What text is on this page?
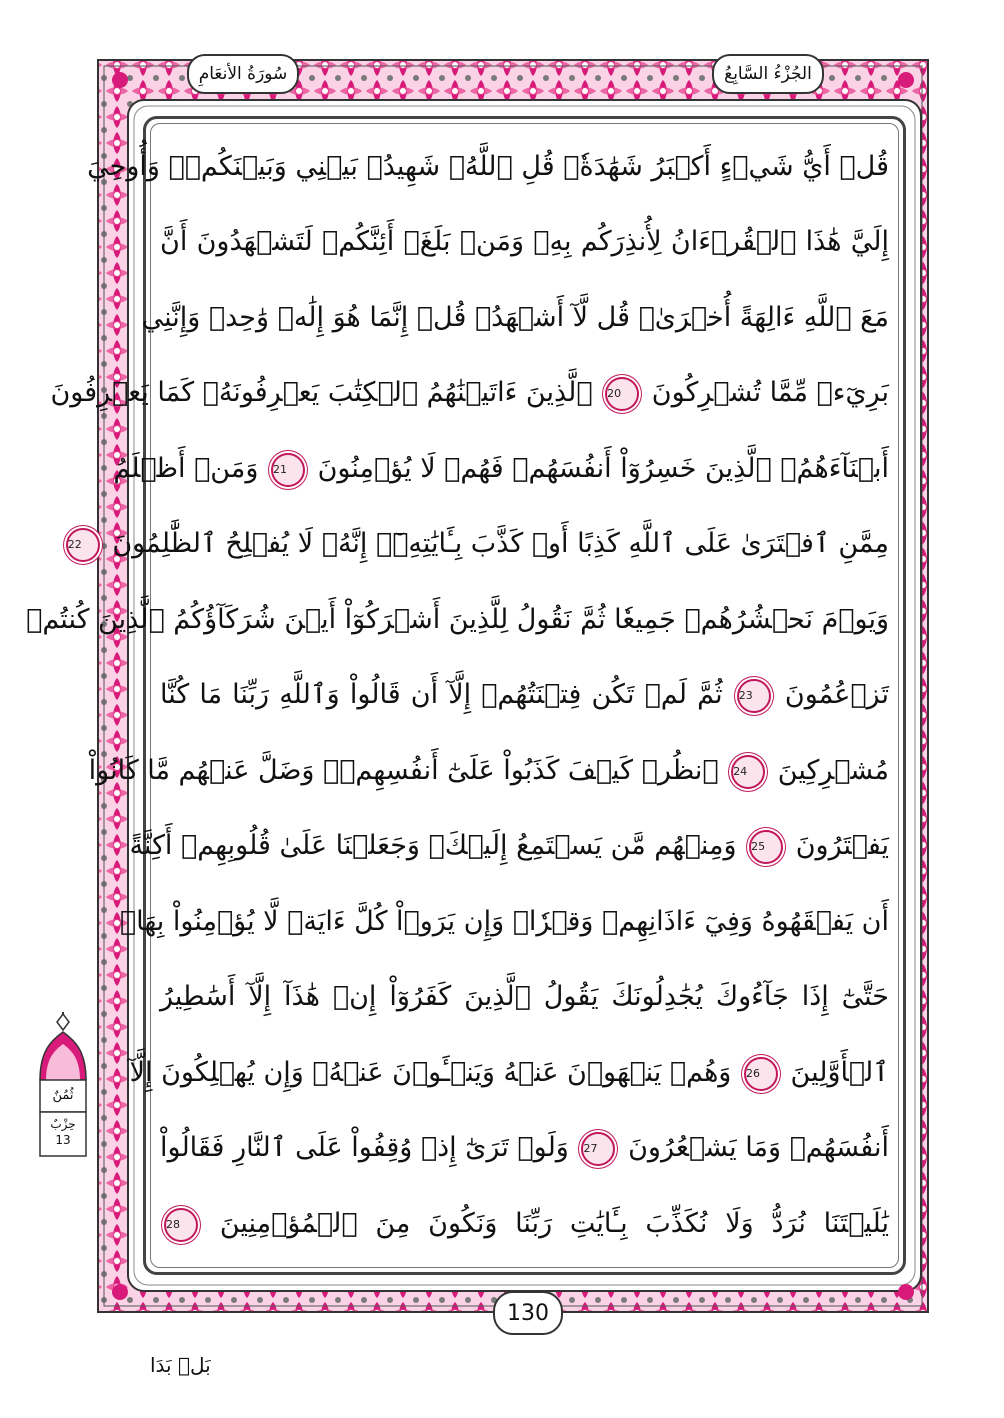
سُورَةُ الأنعَامِ	الجُزْءُ السَّابِعُ
قُلۡ أَيُّ شَيۡءٍ أَكۡبَرُ شَهَٰدَةٗۖ قُلِ ٱللَّهُۖ شَهِيدُۢ بَيۡنِي وَبَيۡنَكُمۡۚ وَأُوحِيَ
إِلَيَّ هَٰذَا ٱلۡقُرۡءَانُ لِأُنذِرَكُم بِهِۦ وَمَنۢ بَلَغَۚ أَئِنَّكُمۡ لَتَشۡهَدُونَ أَنَّ
مَعَ ٱللَّهِ ءَالِهَةً أُخۡرَىٰۚ قُل لَّآ أَشۡهَدُۚ قُلۡ إِنَّمَا هُوَ إِلَٰهٞ وَٰحِدٞ وَإِنَّنِي
بَرِيٓءٞ مِّمَّا تُشۡرِكُونَ 20 ٱلَّذِينَ ءَاتَيۡنَٰهُمُ ٱلۡكِتَٰبَ يَعۡرِفُونَهُۥ كَمَا يَعۡرِفُونَ
أَبۡنَآءَهُمُۘ ٱلَّذِينَ خَسِرُوٓاْ أَنفُسَهُمۡ فَهُمۡ لَا يُؤۡمِنُونَ 21 وَمَنۡ أَظۡلَمُ
مِمَّنِ ٱفۡتَرَىٰ عَلَى ٱللَّهِ كَذِبًا أَوۡ كَذَّبَ بِـَٔايَٰتِهِۦٓۚ إِنَّهُۥ لَا يُفۡلِحُ ٱلظَّٰلِمُونَ 22
وَيَوۡمَ نَحۡشُرُهُمۡ جَمِيعٗا ثُمَّ نَقُولُ لِلَّذِينَ أَشۡرَكُوٓاْ أَيۡنَ شُرَكَآؤُكُمُ ٱلَّذِينَ كُنتُمۡ
تَزۡعُمُونَ 23 ثُمَّ لَمۡ تَكُن فِتۡنَتُهُمۡ إِلَّآ أَن قَالُواْ وَٱللَّهِ رَبِّنَا مَا كُنَّا
مُشۡرِكِينَ 24 ٱنظُرۡ كَيۡفَ كَذَبُواْ عَلَىٰٓ أَنفُسِهِمۡۚ وَضَلَّ عَنۡهُم مَّا كَانُواْ
يَفۡتَرُونَ 25 وَمِنۡهُم مَّن يَسۡتَمِعُ إِلَيۡكَۖ وَجَعَلۡنَا عَلَىٰ قُلُوبِهِمۡ أَكِنَّةً
أَن يَفۡقَهُوهُ وَفِيٓ ءَاذَانِهِمۡ وَقۡرٗاۚ وَإِن يَرَوۡاْ كُلَّ ءَايَةٖ لَّا يُؤۡمِنُواْ بِهَاۖ
حَتَّىٰٓ إِذَا جَآءُوكَ يُجَٰدِلُونَكَ يَقُولُ ٱلَّذِينَ كَفَرُوٓاْ إِنۡ هَٰذَآ إِلَّآ أَسَٰطِيرُ
ٱلۡأَوَّلِينَ 26 وَهُمۡ يَنۡهَوۡنَ عَنۡهُ وَيَنۡـَٔوۡنَ عَنۡهُۖ وَإِن يُهۡلِكُونَ إِلَّآ
أَنفُسَهُمۡ وَمَا يَشۡعُرُونَ 27 وَلَوۡ تَرَىٰٓ إِذۡ وُقِفُواْ عَلَى ٱلنَّارِ فَقَالُواْ
يَٰلَيۡتَنَا نُرَدُّ وَلَا نُكَذِّبَ بِـَٔايَٰتِ رَبِّنَا وَنَكُونَ مِنَ ٱلۡمُؤۡمِنِينَ 28
ثُمُنٌ
حِزْبٌ
13
130
بَلۡ بَدَا
